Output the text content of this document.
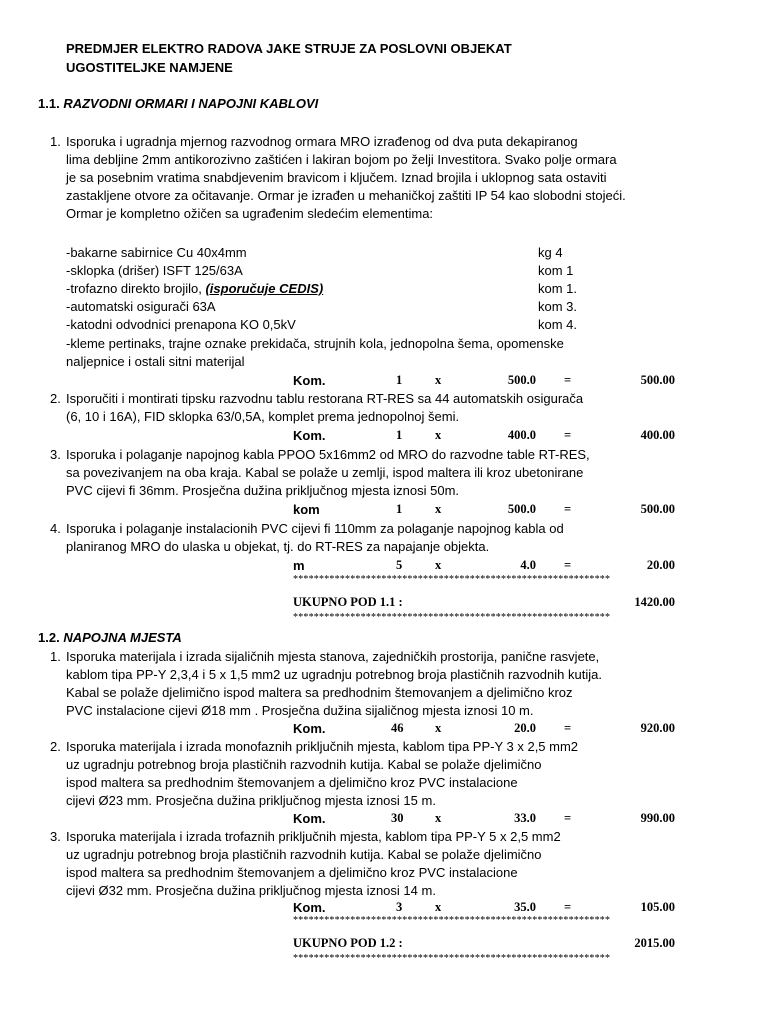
PREDMJER ELEKTRO RADOVA JAKE STRUJE ZA POSLOVNI OBJEKAT
UGOSTITELJKE NAMJENE
1.1. RAZVODNI ORMARI I NAPOJNI KABLOVI
1. Isporuka i ugradnja mjernog razvodnog ormara MRO izrađenog od dva puta dekapiranog
lima debljine 2mm antikorozivno zaštićen i lakiran bojom po želji Investitora. Svako polje ormara
je sa posebnim vratima snabdjevenim bravicom i ključem. Iznad brojila i uklopnog sata ostaviti
zastakljene otvore za očitavanje. Ormar je izrađen u mehaničkoj zaštiti IP 54 kao slobodni stojeći.
Ormar je kompletno ožičen sa ugrađenim sledećim elementima:
-bakarne sabirnice Cu 40x4mm	kg 4
-sklopka (drišer) ISFT 125/63A	kom 1
-trofazno direkto brojilo, (isporučuje CEDIS)	kom 1.
-automatski osigurači 63A	kom 3.
-katodni odvodnici prenapona KO 0,5kV	kom 4.
-kleme pertinaks, trajne oznake prekidača, strujnih kola, jednopolna šema, opomenske
naljepnice i ostali sitni materijal
Kom.	1	x	500.0 =	500.00
2. Isporučiti i montirati tipsku razvodnu tablu restorana RT-RES sa 44 automatskih osigurača
(6, 10 i 16A), FID sklopka 63/0,5A, komplet prema jednopolnoj šemi.
Kom.	1	x	400.0 =	400.00
3. Isporuka i polaganje napojnog kabla PPOO 5x16mm2 od MRO do razvodne table RT-RES,
sa povezivanjem na oba kraja. Kabal se polaže u zemlji, ispod maltera ili kroz ubetonirane
PVC cijevi fi 36mm. Prosječna dužina priključnog mjesta iznosi 50m.
kom	1	x	500.0 =	500.00
4. Isporuka i polaganje instalacionih PVC cijevi fi 110mm za polaganje napojnog kabla od
planiranog MRO do ulaska u objekat, tj. do RT-RES za napajanje objekta.
m	5	x	4.0 =	20.00
*************************************************************
UKUPNO POD 1.1 :	1420.00
*************************************************************
1.2. NAPOJNA MJESTA
1. Isporuka materijala i izrada sijaličnih mjesta stanova, zajedničkih prostorija, panične rasvjete,
kablom tipa PP-Y 2,3,4 i 5 x 1,5 mm2 uz ugradnju potrebnog broja plastičnih razvodnih kutija.
Kabal se polaže djelimično ispod maltera sa predhodnim štemovanjem a djelimično kroz
PVC instalacione cijevi Ø18 mm . Prosječna dužina sijaličnog mjesta iznosi 10 m.
Kom.	46	x	20.0 =	920.00
2. Isporuka materijala i izrada monofaznih priključnih mjesta, kablom tipa PP-Y 3 x 2,5 mm2
uz ugradnju potrebnog broja plastičnih razvodnih kutija. Kabal se polaže djelimično
ispod maltera sa predhodnim štemovanjem a djelimično kroz PVC instalacione
cijevi Ø23 mm. Prosječna dužina priključnog mjesta iznosi 15 m.
Kom.	30	x	33.0 =	990.00
3. Isporuka materijala i izrada trofaznih priključnih mjesta, kablom tipa PP-Y 5 x 2,5 mm2
uz ugradnju potrebnog broja plastičnih razvodnih kutija. Kabal se polaže djelimično
ispod maltera sa predhodnim štemovanjem a djelimično kroz PVC instalacione
cijevi Ø32 mm. Prosječna dužina priključnog mjesta iznosi 14 m.
Kom.	3	x	35.0 =	105.00
*************************************************************
UKUPNO POD 1.2 :	2015.00
*************************************************************
